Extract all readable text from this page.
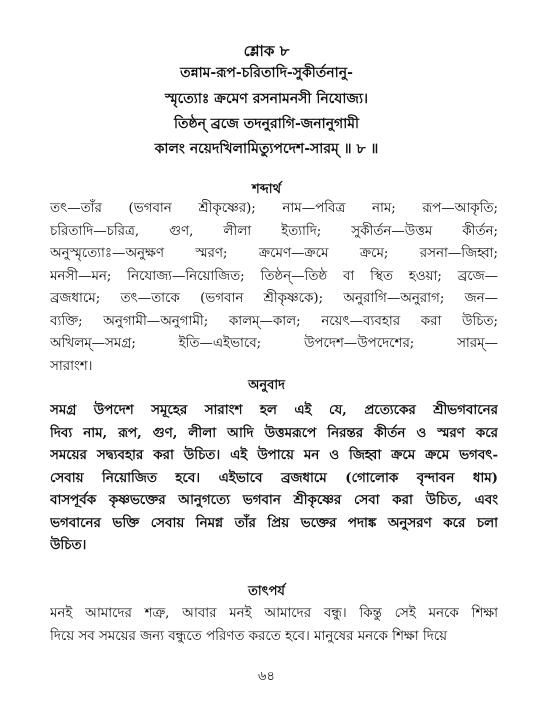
শ্লোক ৮
তন্নাম-রূপ-চরিতাদি-সুকীর্তনানু-
স্মৃত্যোঃ ক্রমেণ রসনামনসী নিযোজ্য।
তিষ্ঠন্ ব্রজে তদনুরাগি-জনানুগামী
কালং নয়েদখিলামিত্যুপদেশ-সারম্ ॥ ৮ ॥
শব্দার্থ
তৎ—তাঁর (ভগবান শ্রীকৃষ্ণের); নাম—পবিত্র নাম; রূপ—আকৃতি;
চরিতাদি—চরিত্র, গুণ, লীলা ইত্যাদি; সুকীর্তন—উত্তম কীর্তন;
অনুস্মৃত্যোঃ—অনুক্ষণ স্মরণ; ক্রমেণ—ক্রমে ক্রমে; রসনা—জিহ্বা;
মনসী—মন; নিযোজ্য—নিয়োজিত; তিষ্ঠন্—তিষ্ঠ বা স্থিত হওয়া; ব্রজে—
ব্রজধামে; তৎ—তাকে (ভগবান শ্রীকৃষ্ণকে); অনুরাগি—অনুরাগ; জন—
ব্যক্তি; অনুগামী—অনুগামী; কালম্—কাল; নয়েৎ—ব্যবহার করা উচিত;
অখিলম্—সমগ্র; ইতি—এইভাবে; উপদেশ—উপদেশের; সারম্—
সারাংশ।
অনুবাদ
সমগ্র উপদেশ সমূহের সারাংশ হল এই যে, প্রত্যেকের শ্রীভগবানের
দিব্য নাম, রূপ, গুণ, লীলা আদি উত্তমরূপে নিরন্তর কীর্তন ও স্মরণ করে
সময়ের সদ্ব্যবহার করা উচিত। এই উপায়ে মন ও জিহ্বা ক্রমে ক্রমে ভগবৎ-
সেবায় নিয়োজিত হবে। এইভাবে ব্রজধামে (গোলোক বৃন্দাবন ধাম)
বাসপূর্বক কৃষ্ণভক্তের আনুগত্যে ভগবান শ্রীকৃষ্ণের সেবা করা উচিত, এবং
ভগবানের ভক্তি সেবায় নিমগ্ন তাঁর প্রিয় ভক্তের পদাঙ্ক অনুসরণ করে চলা
উচিত।
তাৎপর্য
মনই আমাদের শত্রু, আবার মনই আমাদের বন্ধু। কিন্তু সেই মনকে শিক্ষা
দিয়ে সব সময়ের জন্য বন্ধুতে পরিণত করতে হবে। মানুষের মনকে শিক্ষা দিয়ে
৬৪
